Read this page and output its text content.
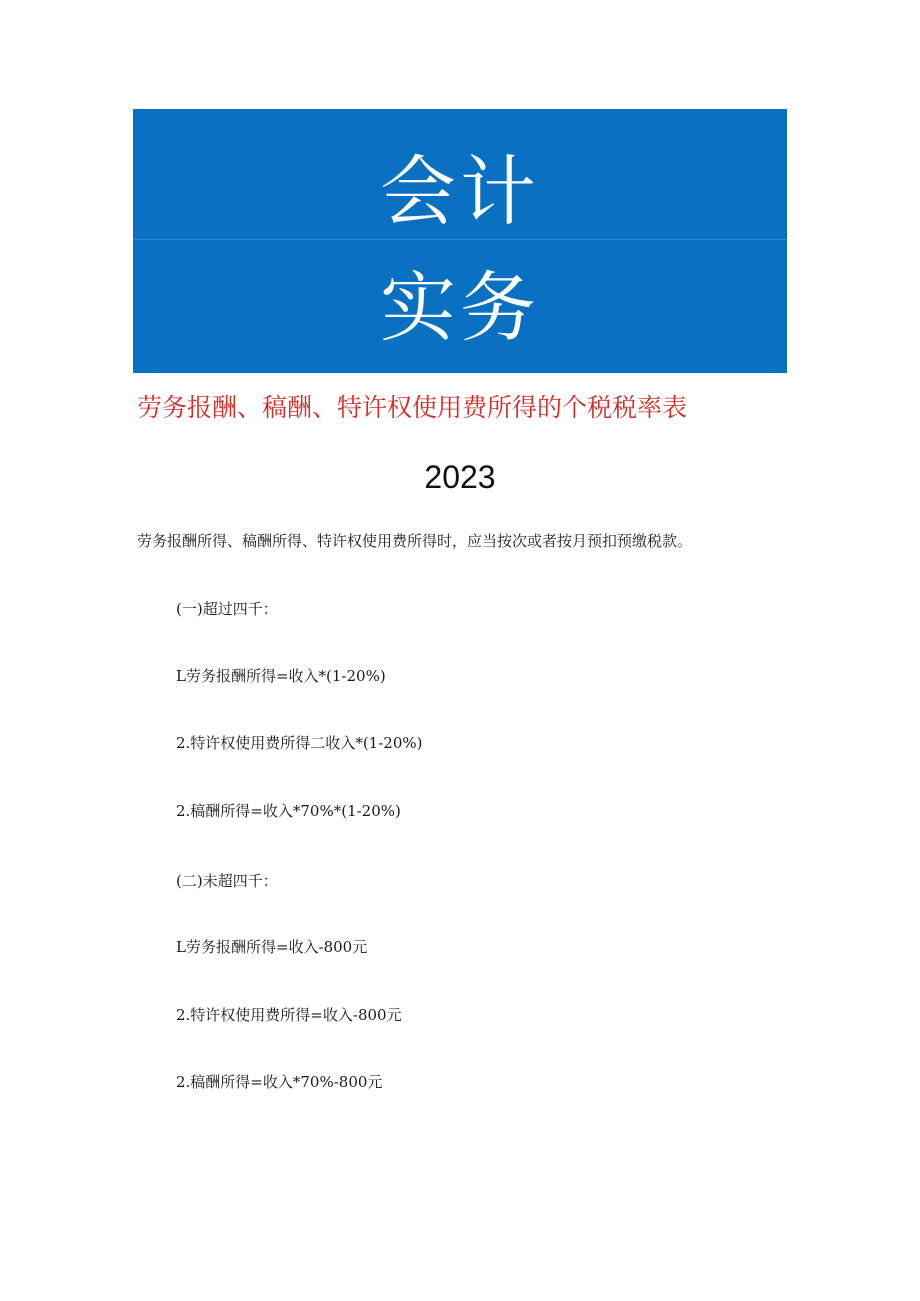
会计
实务
劳务报酬、稿酬、特许权使用费所得的个税税率表
2023
劳务报酬所得、稿酬所得、特许权使用费所得时，应当按次或者按月预扣预缴税款。
(一)超过四千：
L劳务报酬所得=收入*(1-20%)
2.特许权使用费所得二收入*(1-20%)
2.稿酬所得=收入*70%*(1-20%)
(二)未超四千：
L劳务报酬所得=收入-800元
2.特许权使用费所得=收入-800元
2.稿酬所得=收入*70%-800元
